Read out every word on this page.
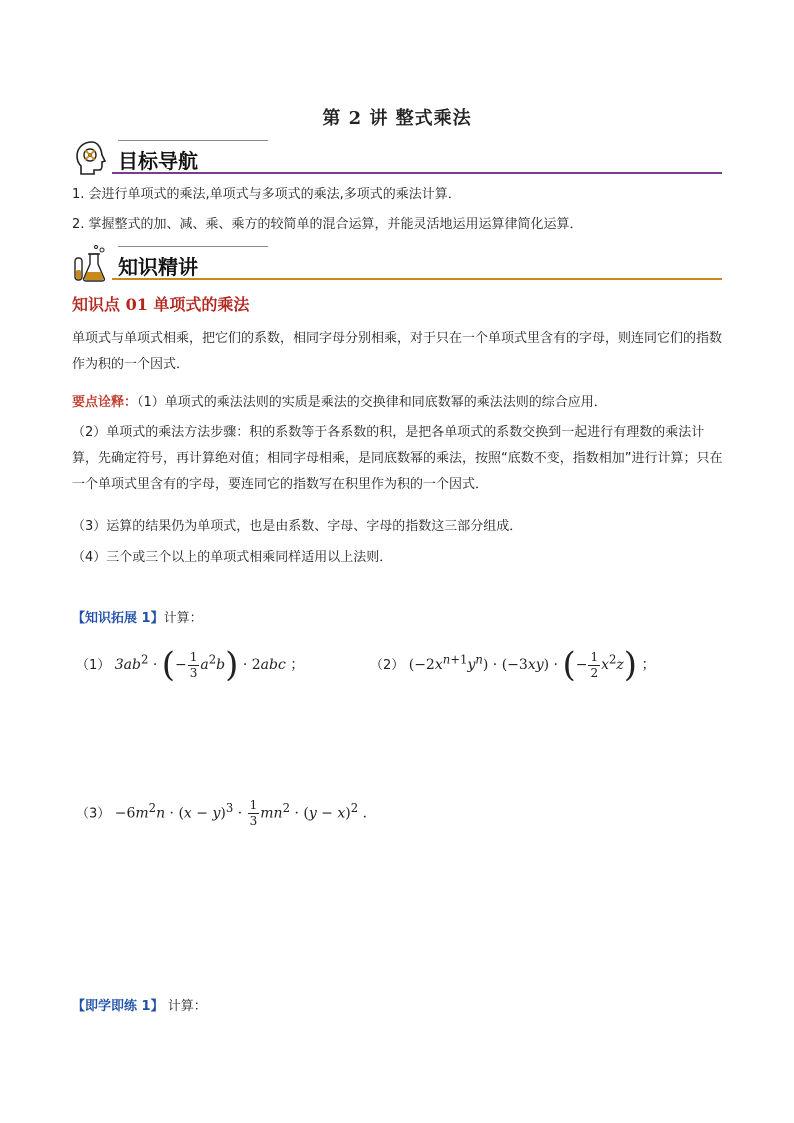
第 2 讲 整式乘法
目标导航
1. 会进行单项式的乘法,单项式与多项式的乘法,多项式的乘法计算．
2. 掌握整式的加、减、乘、乘方的较简单的混合运算，并能灵活地运用运算律简化运算．
知识精讲
知识点 01 单项式的乘法
单项式与单项式相乘，把它们的系数，相同字母分别相乘，对于只在一个单项式里含有的字母，则连同它们的指数作为积的一个因式．
要点诠释：（1）单项式的乘法法则的实质是乘法的交换律和同底数幂的乘法法则的综合应用．
（2）单项式的乘法方法步骤：积的系数等于各系数的积，是把各单项式的系数交换到一起进行有理数的乘法计算，先确定符号，再计算绝对值；相同字母相乘，是同底数幂的乘法，按照“底数不变，指数相加”进行计算；只在一个单项式里含有的字母，要连同它的指数写在积里作为积的一个因式．
（3）运算的结果仍为单项式，也是由系数、字母、字母的指数这三部分组成．
（4）三个或三个以上的单项式相乘同样适用以上法则．
【知识拓展 1】计算：
（1） $3ab^2$ · (− $\frac{1}{3} a^2b) \cdot 2abc$ ；	（2） $(-2x^{n+1}y^n) \cdot (-3xy)$ · (− $\frac{1}{2} x^2z$) ；
$(3) -6m^2n \cdot (x - y)^3 \cdot \frac{1}{3} mn^2 \cdot (y - x)^2$ ．
【即学即练 1】 计算：
